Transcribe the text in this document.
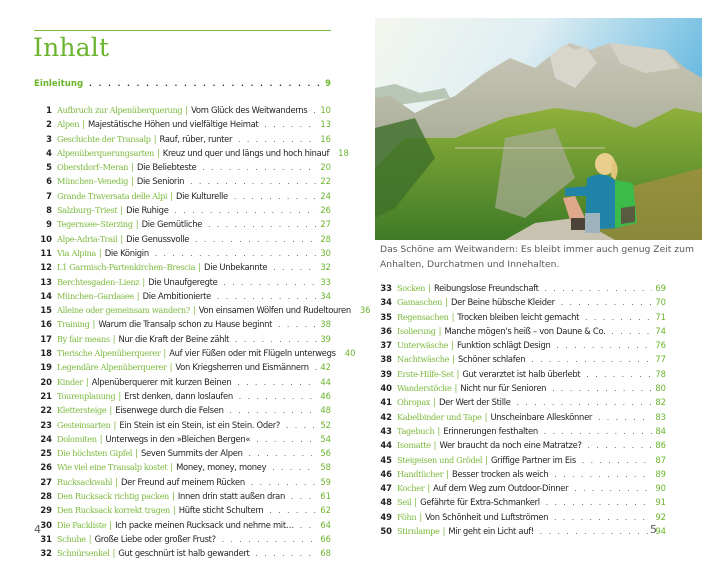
Inhalt
Einleitung . . .	9
1 Aufbruch zur Alpenüberquerung | Vom Glück des Weitwanderns . . . 10
2 Alpen | Majestätische Höhen und vielfältige Heimat . . .	13
3 Geschichte der Transalp | Rauf, rüber, runter . . .	16
4 Alpenüberquerungsarten | Kreuz und quer und längs und hoch hinauf 18
5 Oberstdorf–Meran | Die Beliebteste . . .	20
6 München–Venedig | Die Seniorin . . .	22
7 Grande Traversata delle Alpi | Die Kulturelle . . .	24
8 Salzburg–Triest | Die Ruhige . . .	26
9 Tegernsee–Sterzing | Die Gemütliche . . .	27
10 Alpe-Adria-Trail | Die Genussvolle . . .	28
11 Via Alpina | Die Königin . . .	30
12 L1 Garmisch-Partenkirchen–Brescia | Die Unbekannte . . .	32
13 Berchtesgaden–Lienz | Die Unaufgeregte . . .	33
14 München–Gardasee | Die Ambitionierte . . .	34
15 Alleine oder gemeinsam wandern? | Von einsamen Wölfen und Rudeltouren 36
16 Training | Warum die Transalp schon zu Hause beginnt . . .	38
17 By fair means | Nur die Kraft der Beine zählt . . .	39
18 Tierische Alpenüberquerer | Auf vier Füßen oder mit Flügeln unterwegs 40
19 Legendäre Alpenüberquerer | Von Kriegsherren und Eismännern . . . 42
20 Kinder | Alpenüberquerer mit kurzen Beinen . . .	44
21 Tourenplanung | Erst denken, dann loslaufen . . .	46
22 Klettersteige | Eisenwege durch die Felsen . . .	48
23 Gesteinsarten | Ein Stein ist ein Stein, ist ein Stein. Oder? . . .	52
24 Dolomiten | Unterwegs in den »Bleichen Bergen« . . .	54
25 Die höchsten Gipfel | Seven Summits der Alpen . . .	56
26 Wie viel eine Transalp kostet | Money, money, money . . .	58
27 Rucksackwahl | Der Freund auf meinem Rücken . . .	59
28 Den Rucksack richtig packen | Innen drin statt außen dran . . .	61
29 Den Rucksack korrekt tragen | Hüfte sticht Schultern . . .	62
30 Die Packliste | Ich packe meinen Rucksack und nehme mit… . . .	64
31 Schuhe | Große Liebe oder großer Frust? . . .	66
32 Schnürsenkel | Gut geschnürt ist halb gewandert . . .	68
4
Das Schöne am Weitwandern: Es bleibt immer auch genug Zeit zum Anhalten, Durchatmen und Innehalten.
33 Socken | Reibungslose Freundschaft . . .	69
34 Gamaschen | Der Beine hübsche Kleider . . .	70
35 Regensachen | Trocken bleiben leicht gemacht . . .	71
36 Isolierung | Manche mögen's heiß – von Daune & Co. . . .	74
37 Unterwäsche | Funktion schlägt Design . . .	76
38 Nachtwäsche | Schöner schlafen . . .	77
39 Erste-Hilfe-Set | Gut verarztet ist halb überlebt . . .	78
40 Wanderstöcke | Nicht nur für Senioren . . .	80
41 Ohropax | Der Wert der Stille . . .	82
42 Kabelbinder und Tape | Unscheinbare Alleskönner . . .	83
43 Tagebuch | Erinnerungen festhalten . . .	84
44 Isomatte | Wer braucht da noch eine Matratze? . . .	86
45 Steigeisen und Grödel | Griffige Partner im Eis . . .	87
46 Handtücher | Besser trocken als weich . . .	89
47 Kocher | Auf dem Weg zum Outdoor-Dinner . . .	90
48 Seil | Gefährte für Extra-Schmankerl . . .	91
49 Föhn | Von Schönheit und Luftströmen . . .	92
50 Stirnlampe | Mir geht ein Licht auf! . . .	94
5
